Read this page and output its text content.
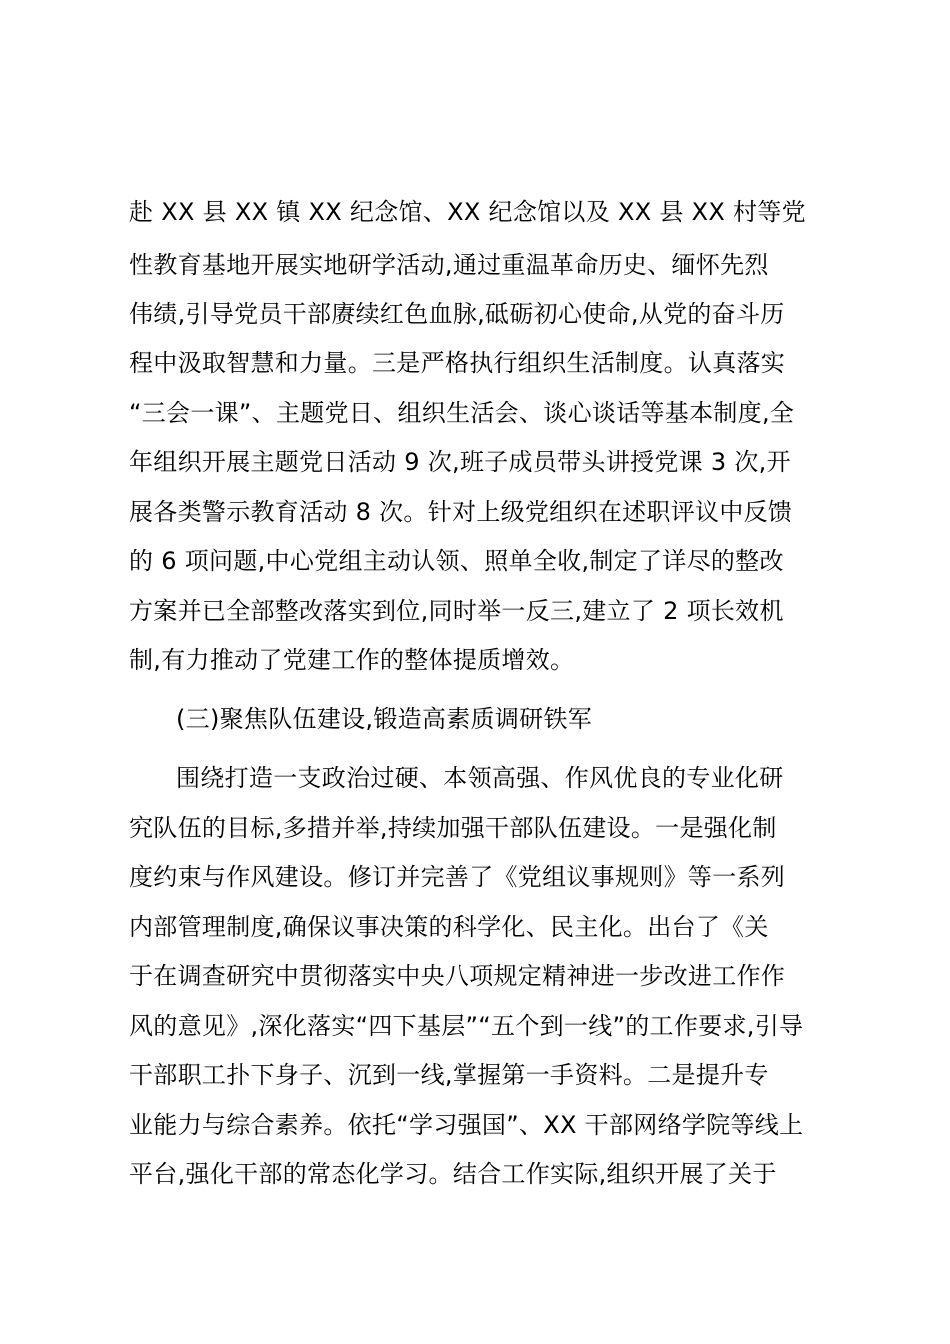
赴 XX 县 XX 镇 XX 纪念馆、XX 纪念馆以及 XX 县 XX 村等党
性教育基地开展实地研学活动,通过重温革命历史、缅怀先烈
伟绩,引导党员干部赓续红色血脉,砥砺初心使命,从党的奋斗历
程中汲取智慧和力量。三是严格执行组织生活制度。认真落实
“三会一课”、主题党日、组织生活会、谈心谈话等基本制度,全
年组织开展主题党日活动 9 次,班子成员带头讲授党课 3 次,开
展各类警示教育活动 8 次。针对上级党组织在述职评议中反馈
的 6 项问题,中心党组主动认领、照单全收,制定了详尽的整改
方案并已全部整改落实到位,同时举一反三,建立了 2 项长效机
制,有力推动了党建工作的整体提质增效。
(三)聚焦队伍建设,锻造高素质调研铁军
围绕打造一支政治过硬、本领高强、作风优良的专业化研
究队伍的目标,多措并举,持续加强干部队伍建设。一是强化制
度约束与作风建设。修订并完善了《党组议事规则》等一系列
内部管理制度,确保议事决策的科学化、民主化。出台了《关
于在调查研究中贯彻落实中央八项规定精神进一步改进工作作
风的意见》,深化落实“四下基层”“五个到一线”的工作要求,引导
干部职工扑下身子、沉到一线,掌握第一手资料。二是提升专
业能力与综合素养。依托“学习强国”、XX 干部网络学院等线上
平台,强化干部的常态化学习。结合工作实际,组织开展了关于
